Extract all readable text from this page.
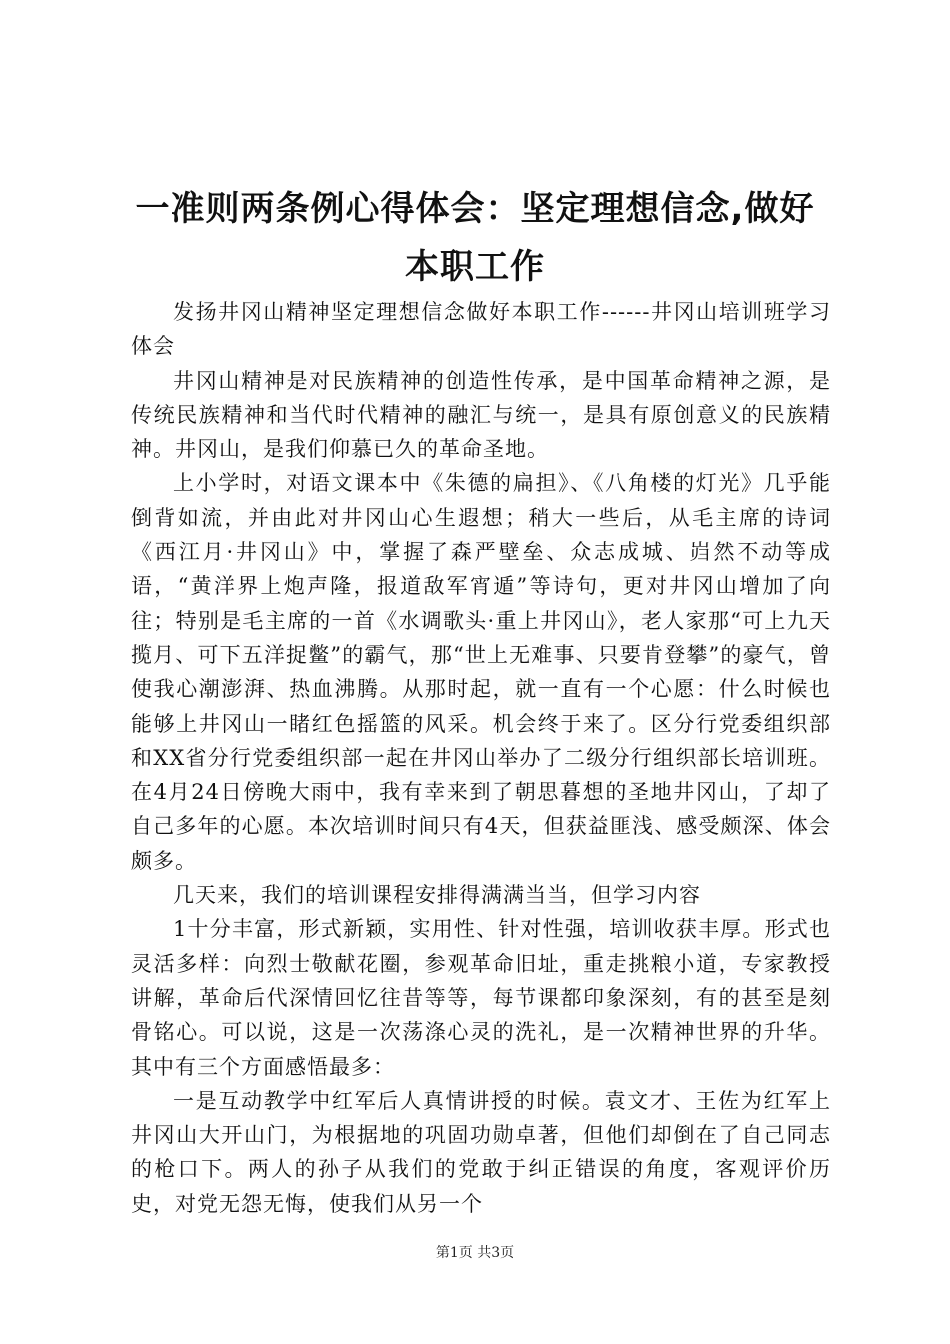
一准则两条例心得体会：坚定理想信念,做好本职工作

发扬井冈山精神坚定理想信念做好本职工作------井冈山培训班学习体会

井冈山精神是对民族精神的创造性传承，是中国革命精神之源，是传统民族精神和当代时代精神的融汇与统一，是具有原创意义的民族精神。井冈山，是我们仰慕已久的革命圣地。

上小学时，对语文课本中《朱德的扁担》、《八角楼的灯光》几乎能倒背如流，并由此对井冈山心生遐想；稍大一些后，从毛主席的诗词《西江月·井冈山》中，掌握了森严壁垒、众志成城、岿然不动等成语，“黄洋界上炮声隆，报道敌军宵遁”等诗句，更对井冈山增加了向往；特别是毛主席的一首《水调歌头·重上井冈山》，老人家那“可上九天揽月、可下五洋捉鳖”的霸气，那“世上无难事、只要肯登攀”的豪气，曾使我心潮澎湃、热血沸腾。从那时起，就一直有一个心愿：什么时候也能够上井冈山一睹红色摇篮的风采。机会终于来了。区分行党委组织部和XX省分行党委组织部一起在井冈山举办了二级分行组织部长培训班。在4月24日傍晚大雨中，我有幸来到了朝思暮想的圣地井冈山，了却了自己多年的心愿。本次培训时间只有4天，但获益匪浅、感受颇深、体会颇多。

几天来，我们的培训课程安排得满满当当，但学习内容

1十分丰富，形式新颖，实用性、针对性强，培训收获丰厚。形式也灵活多样：向烈士敬献花圈，参观革命旧址，重走挑粮小道，专家教授讲解，革命后代深情回忆往昔等等，每节课都印象深刻，有的甚至是刻骨铭心。可以说，这是一次荡涤心灵的洗礼，是一次精神世界的升华。其中有三个方面感悟最多：

一是互动教学中红军后人真情讲授的时候。袁文才、王佐为红军上井冈山大开山门，为根据地的巩固功勋卓著，但他们却倒在了自己同志的枪口下。两人的孙子从我们的党敢于纠正错误的角度，客观评价历史，对党无怨无悔，使我们从另一个

第1页 共3页
